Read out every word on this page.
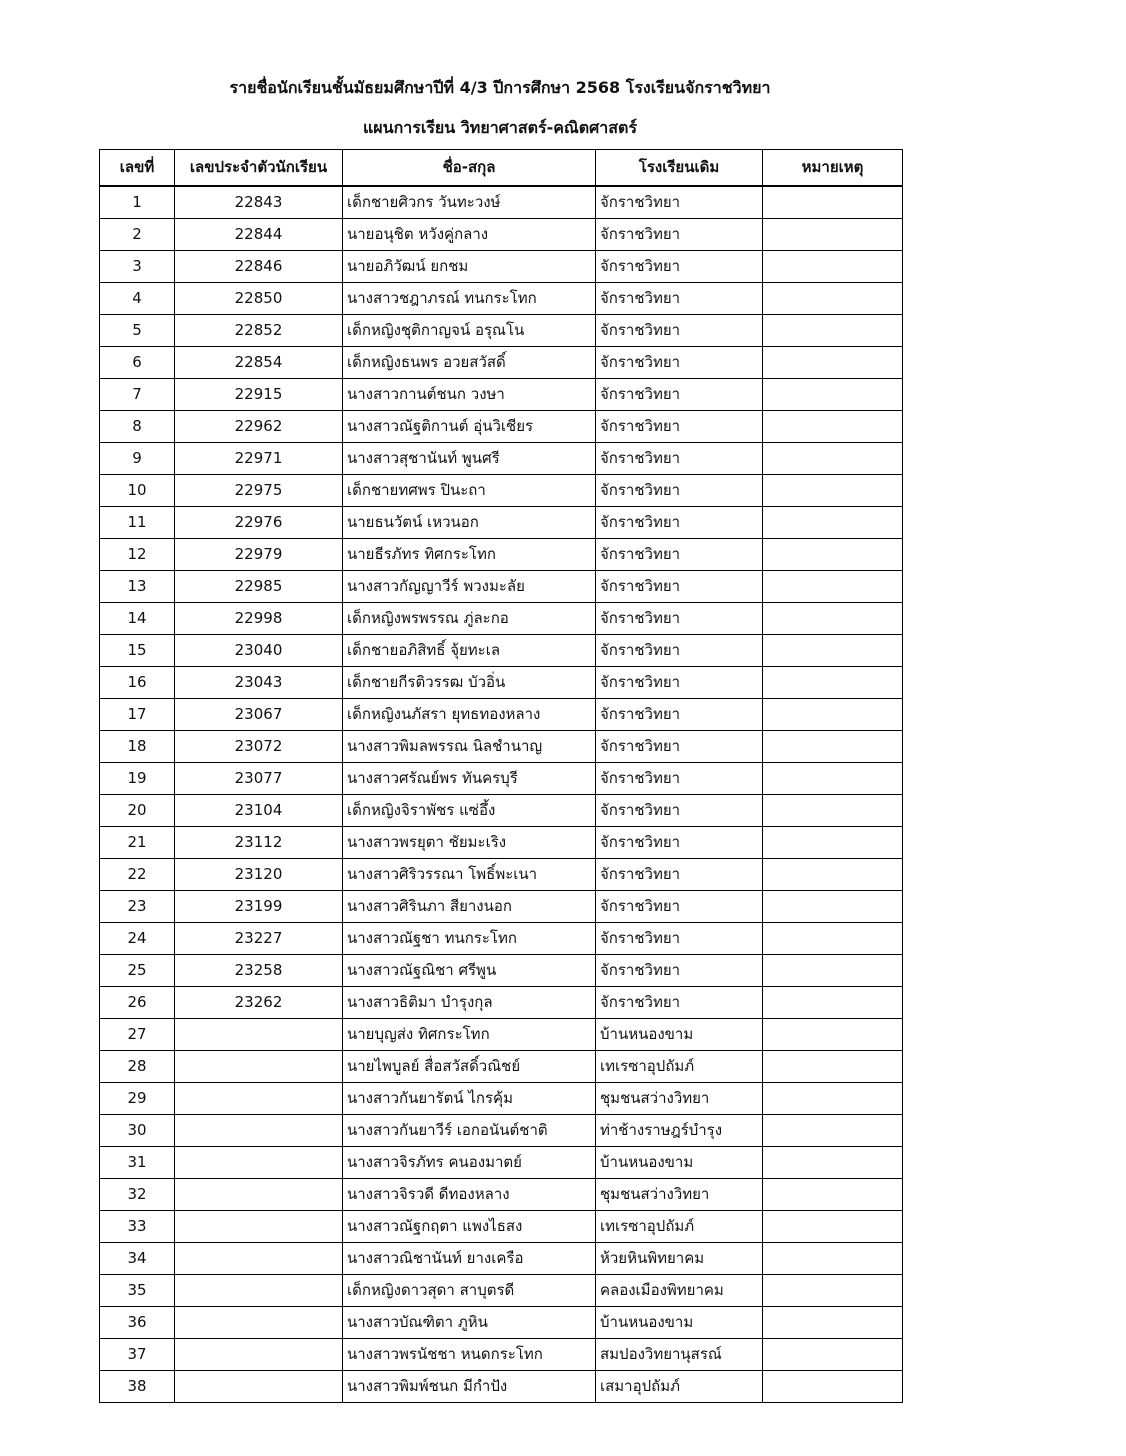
รายชื่อนักเรียนชั้นมัธยมศึกษาปีที่ 4/3 ปีการศึกษา 2568 โรงเรียนจักราชวิทยา
แผนการเรียน วิทยาศาสตร์-คณิตศาสตร์
เลขที่	เลขประจำตัวนักเรียน	ชื่อ-สกุล	โรงเรียนเดิม	หมายเหตุ
1	22843	เด็กชายศิวกร วันทะวงษ์	จักราชวิทยา	
2	22844	นายอนุชิต หวังคู่กลาง	จักราชวิทยา	
3	22846	นายอภิวัฒน์ ยกชม	จักราชวิทยา	
4	22850	นางสาวชฎาภรณ์ ทนกระโทก	จักราชวิทยา	
5	22852	เด็กหญิงชุติกาญจน์ อรุณโน	จักราชวิทยา	
6	22854	เด็กหญิงธนพร อวยสวัสดิ์	จักราชวิทยา	
7	22915	นางสาวกานต์ชนก วงษา	จักราชวิทยา	
8	22962	นางสาวณัฐติกานต์ อุ่นวิเชียร	จักราชวิทยา	
9	22971	นางสาวสุชานันท์ พูนศรี	จักราชวิทยา	
10	22975	เด็กชายทศพร ปินะถา	จักราชวิทยา	
11	22976	นายธนวัตน์ เหวนอก	จักราชวิทยา	
12	22979	นายธีรภัทร ทิศกระโทก	จักราชวิทยา	
13	22985	นางสาวกัญญาวีร์ พวงมะลัย	จักราชวิทยา	
14	22998	เด็กหญิงพรพรรณ ภู่ละกอ	จักราชวิทยา	
15	23040	เด็กชายอภิสิทธิ์ จุ้ยทะเล	จักราชวิทยา	
16	23043	เด็กชายกีรติวรรฒ บัวอิ่น	จักราชวิทยา	
17	23067	เด็กหญิงนภัสรา ยุทธทองหลาง	จักราชวิทยา	
18	23072	นางสาวพิมลพรรณ นิลชำนาญ	จักราชวิทยา	
19	23077	นางสาวศรัณย์พร ทันครบุรี	จักราชวิทยา	
20	23104	เด็กหญิงจิราพัชร แซ่อึ้ง	จักราชวิทยา	
21	23112	นางสาวพรยุตา ชัยมะเริง	จักราชวิทยา	
22	23120	นางสาวศิริวรรณา โพธิ์พะเนา	จักราชวิทยา	
23	23199	นางสาวศิรินภา สียางนอก	จักราชวิทยา	
24	23227	นางสาวณัฐชา ทนกระโทก	จักราชวิทยา	
25	23258	นางสาวณัฐณิชา ศรีพูน	จักราชวิทยา	
26	23262	นางสาวธิติมา บำรุงกุล	จักราชวิทยา	
27		นายบุญส่ง ทิศกระโทก	บ้านหนองขาม	
28		นายไพบูลย์ สื่อสวัสดิ์วณิชย์	เทเรซาอุปถัมภ์	
29		นางสาวกันยารัตน์ ไกรคุ้ม	ชุมชนสว่างวิทยา	
30		นางสาวกันยาวีร์ เอกอนันต์ชาติ	ท่าช้างราษฎร์บำรุง	
31		นางสาวจิรภัทร คนองมาตย์	บ้านหนองขาม	
32		นางสาวจิรวดี ดีทองหลาง	ชุมชนสว่างวิทยา	
33		นางสาวณัฐกฤตา แพงไธสง	เทเรซาอุปถัมภ์	
34		นางสาวณิชานันท์ ยางเครือ	ห้วยหินพิทยาคม	
35		เด็กหญิงดาวสุดา สาบุตรดี	คลองเมืองพิทยาคม	
36		นางสาวบัณฑิตา ภูหิน	บ้านหนองขาม	
37		นางสาวพรนัชชา หนดกระโทก	สมปองวิทยานุสรณ์	
38		นางสาวพิมพ์ชนก มีกำปัง	เสมาอุปถัมภ์	
